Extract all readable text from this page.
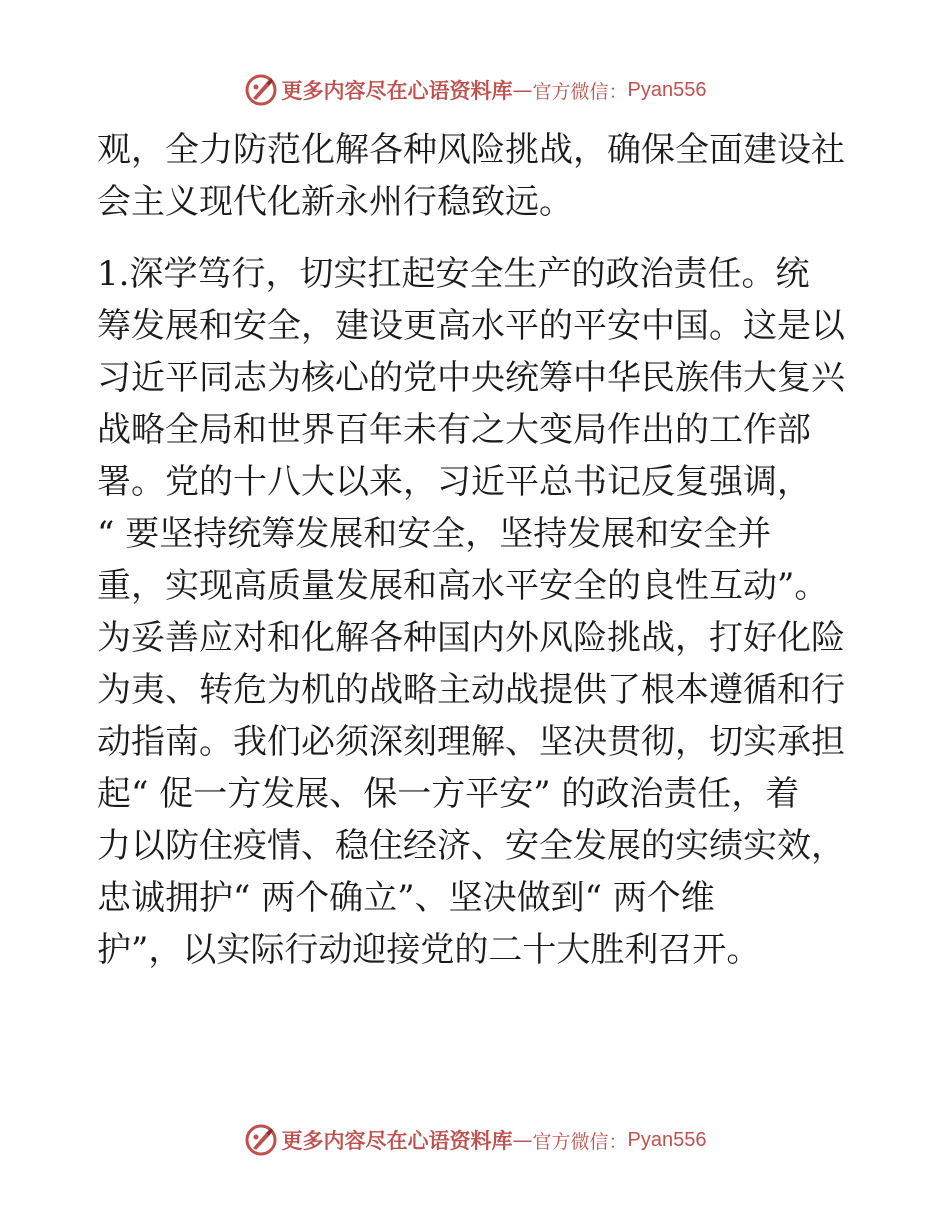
更多内容尽在心语资料库 — 官方微信： Pyan556
观，全力防范化解各种风险挑战，确保全面建设社
会主义现代化新永州行稳致远。
1.深学笃行，切实扛起安全生产的政治责任。统
筹发展和安全，建设更高水平的平安中国。这是以
习近平同志为核心的党中央统筹中华民族伟大复兴
战略全局和世界百年未有之大变局作出的工作部
署。党的十八大以来，习近平总书记反复强调，
“ 要坚持统筹发展和安全，坚持发展和安全并
重，实现高质量发展和高水平安全的良性互动”。
为妥善应对和化解各种国内外风险挑战，打好化险
为夷、转危为机的战略主动战提供了根本遵循和行
动指南。我们必须深刻理解、坚决贯彻，切实承担
起“ 促一方发展、保一方平安” 的政治责任，着
力以防住疫情、稳住经济、安全发展的实绩实效，
忠诚拥护“ 两个确立”、坚决做到“ 两个维
护”，以实际行动迎接党的二十大胜利召开。
更多内容尽在心语资料库 — 官方微信： Pyan556
